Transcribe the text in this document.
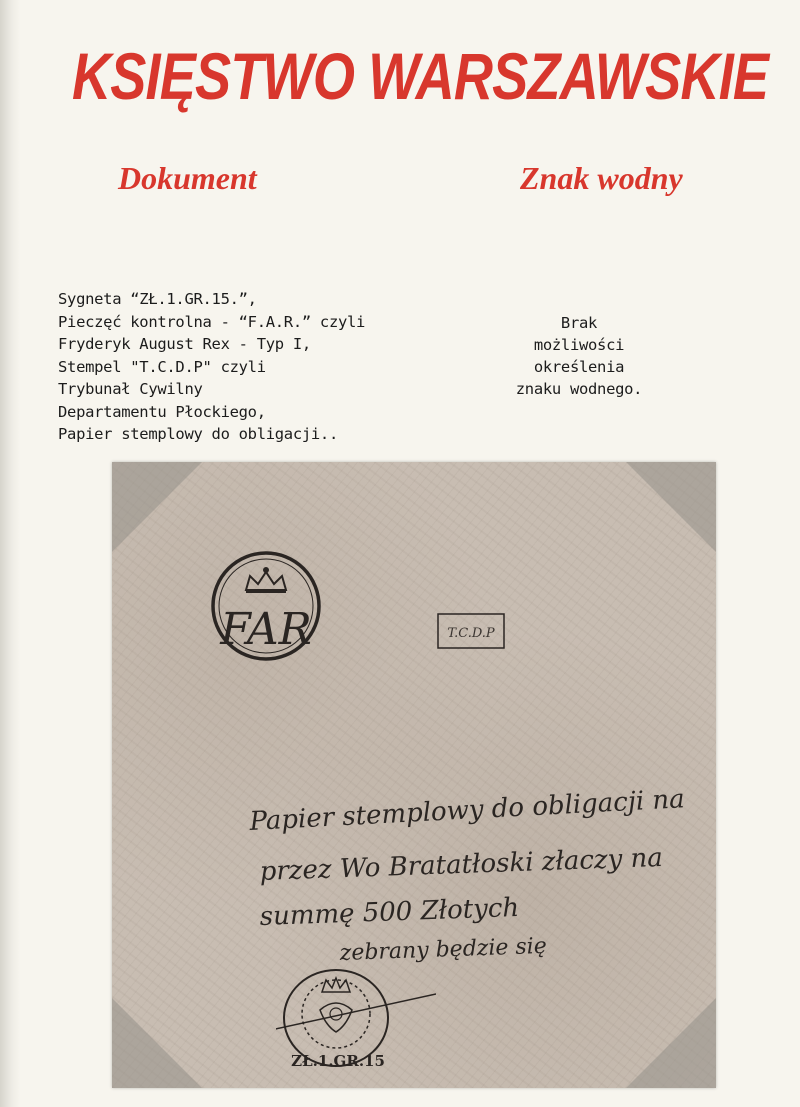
KSIĘSTWO WARSZAWSKIE
Dokument	Znak wodny
Sygneta “ZŁ.1.GR.15.”,
Pieczęć kontrolna - “F.A.R.” czyli
Fryderyk August Rex - Typ I,
Stempel "T.C.D.P" czyli
Trybunał Cywilny
Departamentu Płockiego,
Papier stemplowy do obligacji..
Brak
możliwości
określenia
znaku wodnego.
FAR	T.C.D.P
Papier stemplowy do obligacji na
przez Wo Bratatłoski złaczy na
summę 500 Złotych
zebrany będzie się
ZŁ.1.GR.15
